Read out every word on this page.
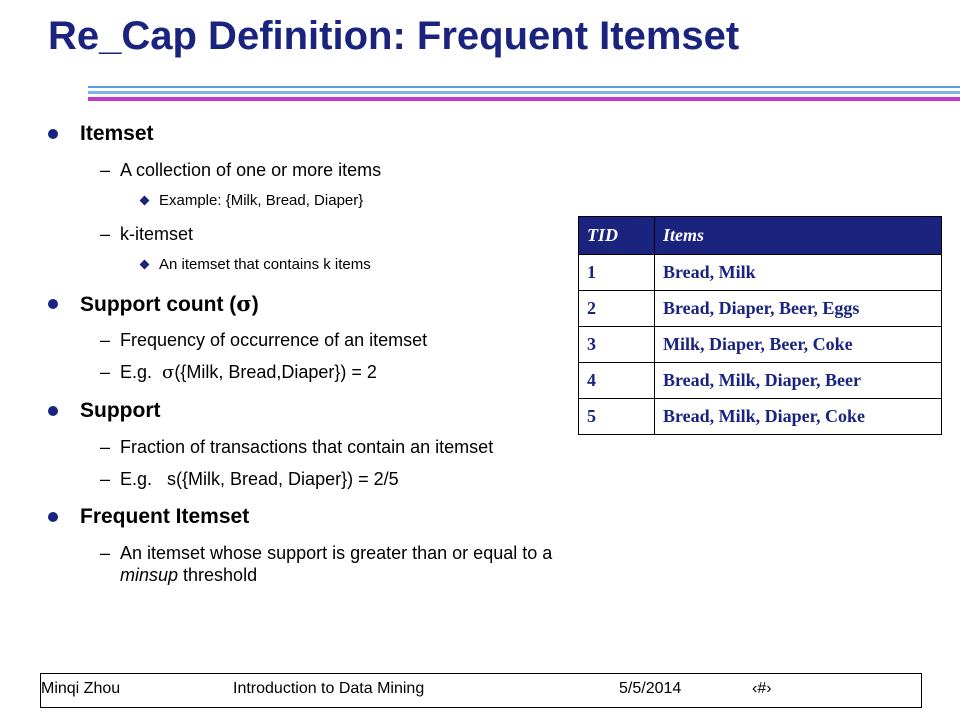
Re_Cap Definition: Frequent Itemset
Itemset
– A collection of one or more items
Example: {Milk, Bread, Diaper}
– k-itemset
An itemset that contains k items
Support count (σ)
– Frequency of occurrence of an itemset
– E.g.  σ({Milk, Bread,Diaper}) = 2
Support
– Fraction of transactions that contain an itemset
– E.g.   s({Milk, Bread, Diaper}) = 2/5
Frequent Itemset
– An itemset whose support is greater than or equal to a minsup threshold
TID	Items
1	Bread, Milk
2	Bread, Diaper, Beer, Eggs
3	Milk, Diaper, Beer, Coke
4	Bread, Milk, Diaper, Beer
5	Bread, Milk, Diaper, Coke
Minqi Zhou	Introduction to Data Mining	5/5/2014	‹#›
